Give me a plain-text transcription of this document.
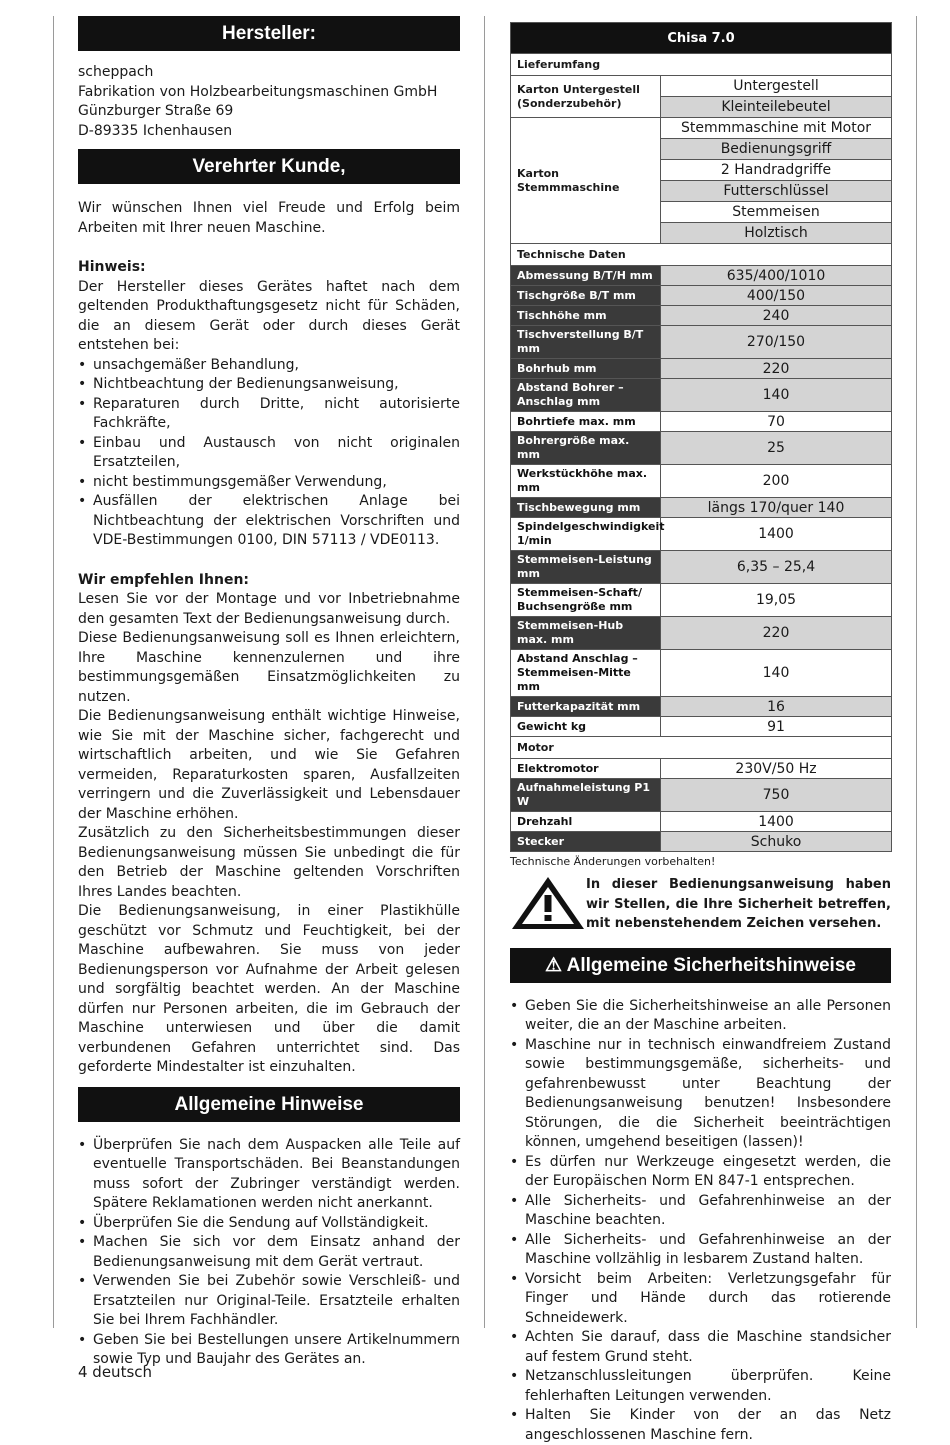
Hersteller:
scheppach
Fabrikation von Holzbearbeitungsmaschinen GmbH
Günzburger Straße 69
D-89335 Ichenhausen
Verehrter Kunde,

Wir wünschen Ihnen viel Freude und Erfolg beim Arbeiten mit Ihrer neuen Maschine.

Hinweis:

Der Hersteller dieses Gerätes haftet nach dem geltenden Produkthaftungsgesetz nicht für Schäden, die an diesem Gerät oder durch dieses Gerät entstehen bei:

• unsachgemäßer Behandlung,
• Nichtbeachtung der Bedienungsanweisung,
• Reparaturen durch Dritte, nicht autorisierte Fachkräfte,
• Einbau und Austausch von nicht originalen Ersatzteilen,
• nicht bestimmungsgemäßer Verwendung,
• Ausfällen der elektrischen Anlage bei Nichtbeachtung der elektrischen Vorschriften und VDE-Bestimmungen 0100, DIN 57113 / VDE0113.

Wir empfehlen Ihnen:

Lesen Sie vor der Montage und vor Inbetriebnahme den gesamten Text der Bedienungsanweisung durch.

Diese Bedienungsanweisung soll es Ihnen erleichtern, Ihre Maschine kennenzulernen und ihre bestimmungsgemäßen Einsatzmöglichkeiten zu nutzen.

Die Bedienungsanweisung enthält wichtige Hinweise, wie Sie mit der Maschine sicher, fachgerecht und wirtschaftlich arbeiten, und wie Sie Gefahren vermeiden, Reparaturkosten sparen, Ausfallzeiten verringern und die Zuverlässigkeit und Lebensdauer der Maschine erhöhen.

Zusätzlich zu den Sicherheitsbestimmungen dieser Bedienungsanweisung müssen Sie unbedingt die für den Betrieb der Maschine geltenden Vorschriften Ihres Landes beachten.

Die Bedienungsanweisung, in einer Plastikhülle geschützt vor Schmutz und Feuchtigkeit, bei der Maschine aufbewahren. Sie muss von jeder Bedienungsperson vor Aufnahme der Arbeit gelesen und sorgfältig beachtet werden. An der Maschine dürfen nur Personen arbeiten, die im Gebrauch der Maschine unterwiesen und über die damit verbundenen Gefahren unterrichtet sind. Das geforderte Mindestalter ist einzuhalten.

Allgemeine Hinweise
• Überprüfen Sie nach dem Auspacken alle Teile auf eventuelle Transportschäden. Bei Beanstandungen muss sofort der Zubringer verständigt werden. Spätere Reklamationen werden nicht anerkannt.
• Überprüfen Sie die Sendung auf Vollständigkeit.
• Machen Sie sich vor dem Einsatz anhand der Bedienungsanweisung mit dem Gerät vertraut.
• Verwenden Sie bei Zubehör sowie Verschleiß- und Ersatzteilen nur Original-Teile. Ersatzteile erhalten Sie bei Ihrem Fachhändler.
• Geben Sie bei Bestellungen unsere Artikelnummern sowie Typ und Baujahr des Gerätes an.
Chisa 7.0	
Lieferumfang	
Karton Untergestell (Sonderzubehör)	Untergestell
	Kleinteilebeutel
Karton Stemmmaschine	Stemmmaschine mit Motor
	Bedienungsgriff
	2 Handradgriffe
	Futterschlüssel
	Stemmeisen
	Holztisch
Technische Daten	
Abmessung B/T/H mm	635/400/1010
Tischgröße B/T mm	400/150
Tischhöhe mm	240
Tischverstellung B/T mm	270/150
Bohrhub mm	220
Abstand Bohrer – Anschlag mm	140
Bohrtiefe max. mm	70
Bohrergröße max. mm	25
Werkstückhöhe max. mm	200
Tischbewegung mm	längs 170/quer 140
Spindelgeschwindigkeit 1/min	1400
Stemmeisen-Leistung mm	6,35 – 25,4
Stemmeisen-Schaft/ Buchsengröße mm	19,05
Stemmeisen-Hub max. mm	220
Abstand Anschlag – Stemmeisen-Mitte mm	140
Futterkapazität mm	16
Gewicht kg	91
Motor	
Elektromotor	230V/50 Hz
Aufnahmeleistung P1 W	750
Drehzahl	1400
Stecker	Schuko

Technische Änderungen vorbehalten!

In dieser Bedienungsanweisung haben wir Stellen, die Ihre Sicherheit betreffen, mit nebenstehendem Zeichen versehen.
⚠ Allgemeine Sicherheitshinweise
• Geben Sie die Sicherheitshinweise an alle Personen weiter, die an der Maschine arbeiten.
• Maschine nur in technisch einwandfreiem Zustand sowie bestimmungsgemäße, sicherheits- und gefahrenbewusst unter Beachtung der Bedienungsanweisung benutzen! Insbesondere Störungen, die die Sicherheit beeinträchtigen können, umgehend beseitigen (lassen)!
• Es dürfen nur Werkzeuge eingesetzt werden, die der Europäischen Norm EN 847-1 entsprechen.
• Alle Sicherheits- und Gefahrenhinweise an der Maschine beachten.
• Alle Sicherheits- und Gefahrenhinweise an der Maschine vollzählig in lesbarem Zustand halten.
• Vorsicht beim Arbeiten: Verletzungsgefahr für Finger und Hände durch das rotierende Schneidewerk.
• Achten Sie darauf, dass die Maschine standsicher auf festem Grund steht.
• Netzanschlussleitungen überprüfen. Keine fehlerhaften Leitungen verwenden.
• Halten Sie Kinder von der an das Netz angeschlossenen Maschine fern.
4 deutsch
